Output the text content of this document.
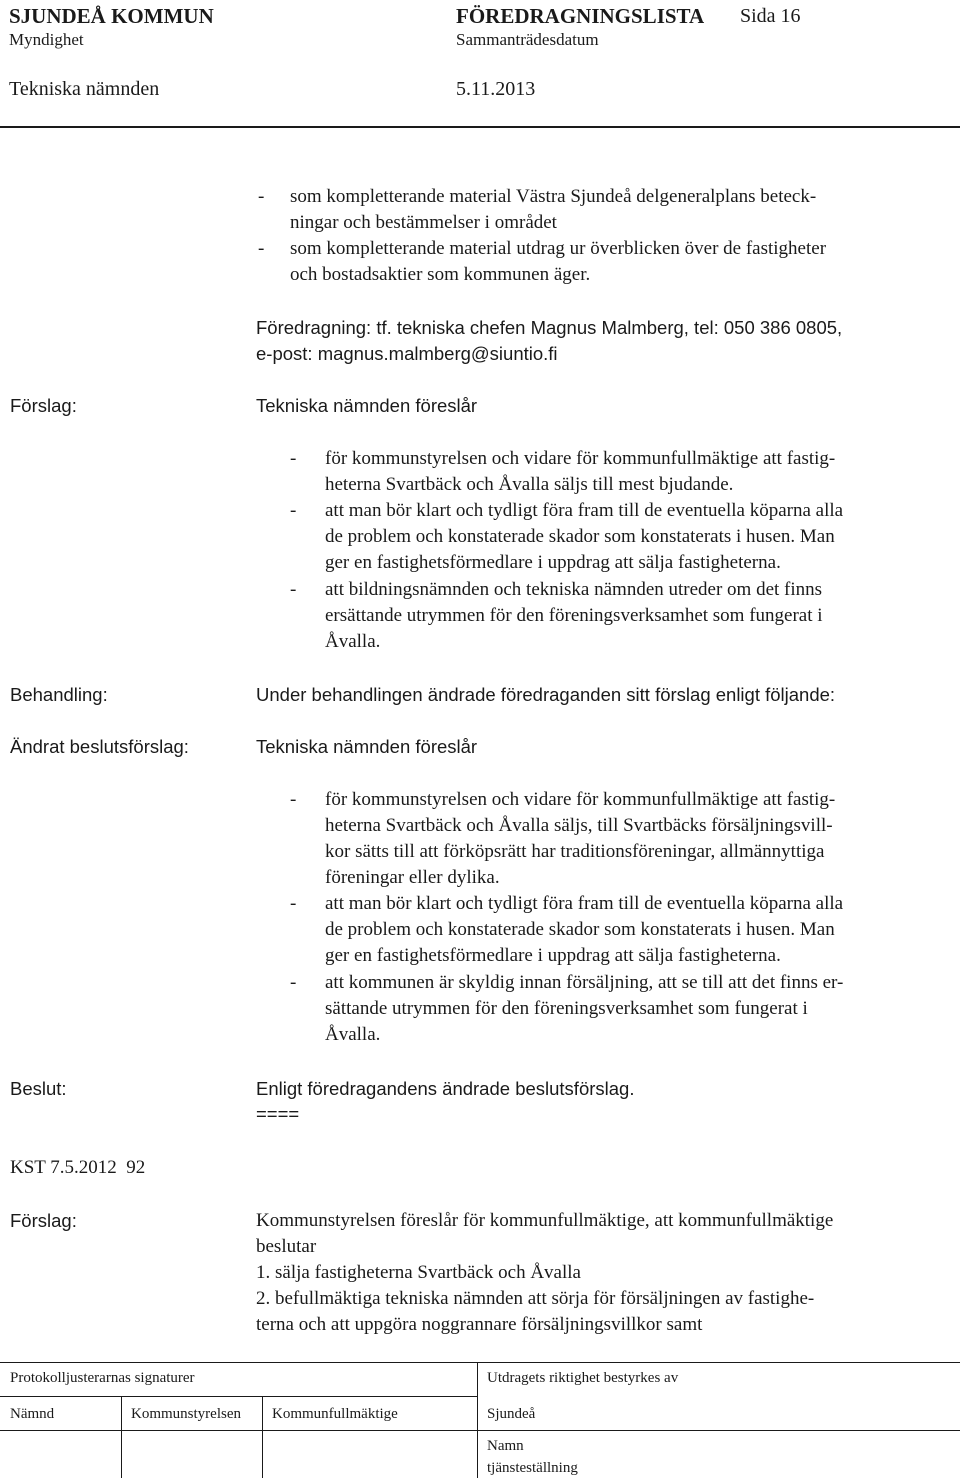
SJUNDEÅ KOMMUN	FÖREDRAGNINGSLISTA Sida 16
Myndighet	Sammanträdesdatum
Tekniska nämnden	5.11.2013
- som kompletterande material Västra Sjundeå delgeneralplans beteck-
ningar och bestämmelser i området
- som kompletterande material utdrag ur överblicken över de fastigheter
och bostadsaktier som kommunen äger.
Föredragning: tf. tekniska chefen Magnus Malmberg, tel: 050 386 0805,
e-post: magnus.malmberg@siuntio.fi
Förslag:	Tekniska nämnden föreslår
- för kommunstyrelsen och vidare för kommunfullmäktige att fastig-
heterna Svartbäck och Åvalla säljs till mest bjudande.
- att man bör klart och tydligt föra fram till de eventuella köparna alla
de problem och konstaterade skador som konstaterats i husen. Man
ger en fastighetsförmedlare i uppdrag att sälja fastigheterna.
- att bildningsnämnden och tekniska nämnden utreder om det finns
ersättande utrymmen för den föreningsverksamhet som fungerat i
Åvalla.
Behandling:	Under behandlingen ändrade föredraganden sitt förslag enligt följande:
Ändrat beslutsförslag:	Tekniska nämnden föreslår
- för kommunstyrelsen och vidare för kommunfullmäktige att fastig-
heterna Svartbäck och Åvalla säljs, till Svartbäcks försäljningsvill-
kor sätts till att förköpsrätt har traditionsföreningar, allmännyttiga
föreningar eller dylika.
- att man bör klart och tydligt föra fram till de eventuella köparna alla
de problem och konstaterade skador som konstaterats i husen. Man
ger en fastighetsförmedlare i uppdrag att sälja fastigheterna.
- att kommunen är skyldig innan försäljning, att se till att det finns er-
sättande utrymmen för den föreningsverksamhet som fungerat i
Åvalla.
Beslut:	Enligt föredragandens ändrade beslutsförslag.
====
KST 7.5.2012  92
Förslag:	Kommunstyrelsen föreslår för kommunfullmäktige, att kommunfullmäktige
beslutar
1. sälja fastigheterna Svartbäck och Åvalla
2. befullmäktiga tekniska nämnden att sörja för försäljningen av fastighe-
terna och att uppgöra noggrannare försäljningsvillkor samt
Protokolljusterarnas signaturer
Nämnd	Kommunstyrelsen Kommunfullmäktige
Utdragets riktighet bestyrkes av
Sjundeå
Namn
tjänsteställning
